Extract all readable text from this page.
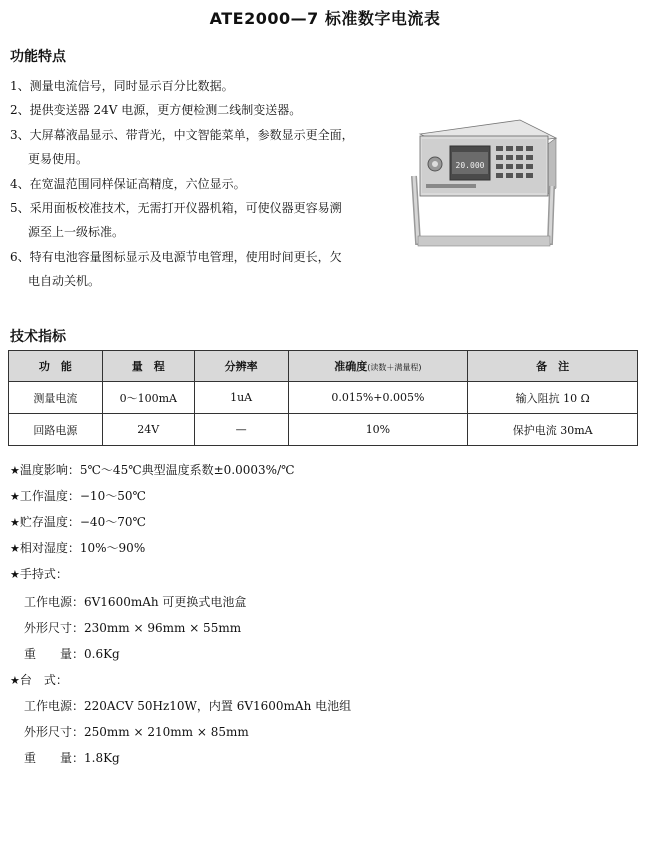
ATE2000—7 标准数字电流表
功能特点
1、测量电流信号，同时显示百分比数据。
2、提供变送器 24V 电源，更方便检测二线制变送器。
3、大屏幕液晶显示、带背光，中文智能菜单，参数显示更全面，
更易使用。
4、在宽温范围同样保证高精度，六位显示。
5、采用面板校准技术，无需打开仪器机箱，可使仪器更容易溯
源至上一级标准。
6、特有电池容量图标显示及电源节电管理，使用时间更长，欠
电自动关机。
20.000
技术指标
功　能	量　程	分辨率	准确度(读数＋满量程)	备　注
测量电流	0～100mA	1uA	0.015%+0.005%	输入阻抗 10 Ω
回路电源	24V	—	10%	保护电流 30mA
★温度影响：5℃～45℃典型温度系数±0.0003%/℃
★工作温度：−10～50℃
★贮存温度：−40～70℃
★相对湿度：10%～90%
★手持式：
工作电源：6V1600mAh 可更换式电池盒
外形尺寸：230mm × 96mm × 55mm
重　　量：0.6Kg
★台　式：
工作电源：220ACV 50Hz10W，内置 6V1600mAh 电池组
外形尺寸：250mm × 210mm × 85mm
重　　量：1.8Kg
